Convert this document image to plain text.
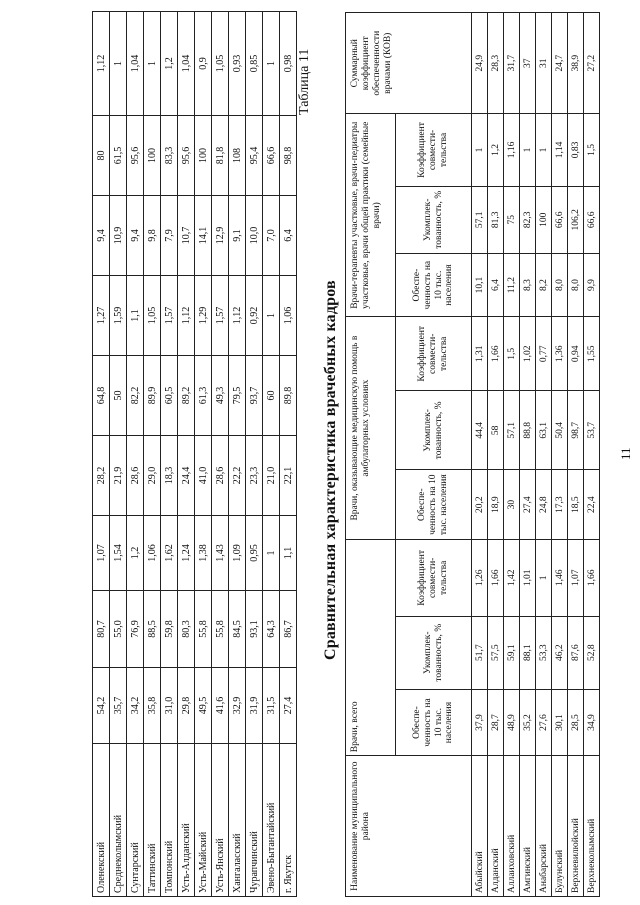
11
Таблица 11
Сравнительная характеристика врачебных кадров
Оленекский	54,2	80,7	1,07	28,2	64,8	1,27	9,4	80	1,12
Среднеколымский	35,7	55,0	1,54	21,9	50	1,59	10,9	61,5	1
Сунтарский	34,2	76,9	1,2	28,6	82,2	1,1	9,4	95,6	1,04
Таттинский	35,8	88,5	1,06	29,0	89,9	1,05	9,8	100	1
Томпонский	31,0	59,8	1,62	18,3	60,5	1,57	7,9	83,3	1,2
Усть-Алданский	29,8	80,3	1,24	24,4	89,2	1,12	10,7	95,6	1,04
Усть-Майский	49,5	55,8	1,38	41,0	61,3	1,29	14,1	100	0,9
Усть-Янский	41,6	55,8	1,43	28,6	49,3	1,57	12,9	81,8	1,05
Хангаласский	32,9	84,5	1,09	22,2	79,5	1,12	9,1	108	0,93
Чурапчинский	31,9	93,1	0,95	23,3	93,7	0,92	10,0	95,4	0,85
Эвено-Бытантайский	31,5	64,3	1	21,0	60	1	7,0	66,6	1
г. Якутск	27,4	86,7	1,1	22,1	89,8	1,06	6,4	98,8	0,98
Наименование муниципального района	Врачи, всего			Врачи, оказывающие медицинскую помощь в амбулаторных условиях			Врачи-терапевты участковые, врачи-педиатры участковые, врачи общей практики (семейные врачи)			Суммарный коэффициент обеспеченности врачами (КОВ)
	Обеспе-ченность на 10 тыс. населения	Укомплек-тованность, %	Коэффициент совмести-тельства	Обеспе-ченность на 10 тыс. населения	Укомплек-тованность, %	Коэффициент совмести-тельства	Обеспе-ченность на 10 тыс. населения	Укомплек-тованность, %	Коэффициент совмести-тельства	
Абыйский	37,9	51,7	1,26	20,2	44,4	1,31	10,1	57,1	1	24,9
Алданский	28,7	57,5	1,66	18,9	58	1,66	6,4	81,3	1,2	28,3
Аллаиховский	48,9	59,1	1,42	30	57,1	1,5	11,2	75	1,16	31,7
Амгинский	35,2	88,1	1,01	27,4	88,8	1,02	8,3	82,3	1	37
Анабарский	27,6	53,3	1	24,8	63,1	0,77	8,2	100	1	31
Булунский	30,1	46,2	1,46	17,3	50,4	1,36	8,0	66,6	1,14	24,7
Верхневилюйский	28,5	87,6	1,07	18,5	98,7	0,94	8,0	106,2	0,83	38,9
Верхнеколымский	34,9	52,8	1,66	22,4	53,7	1,55	9,9	66,6	1,5	27,2
